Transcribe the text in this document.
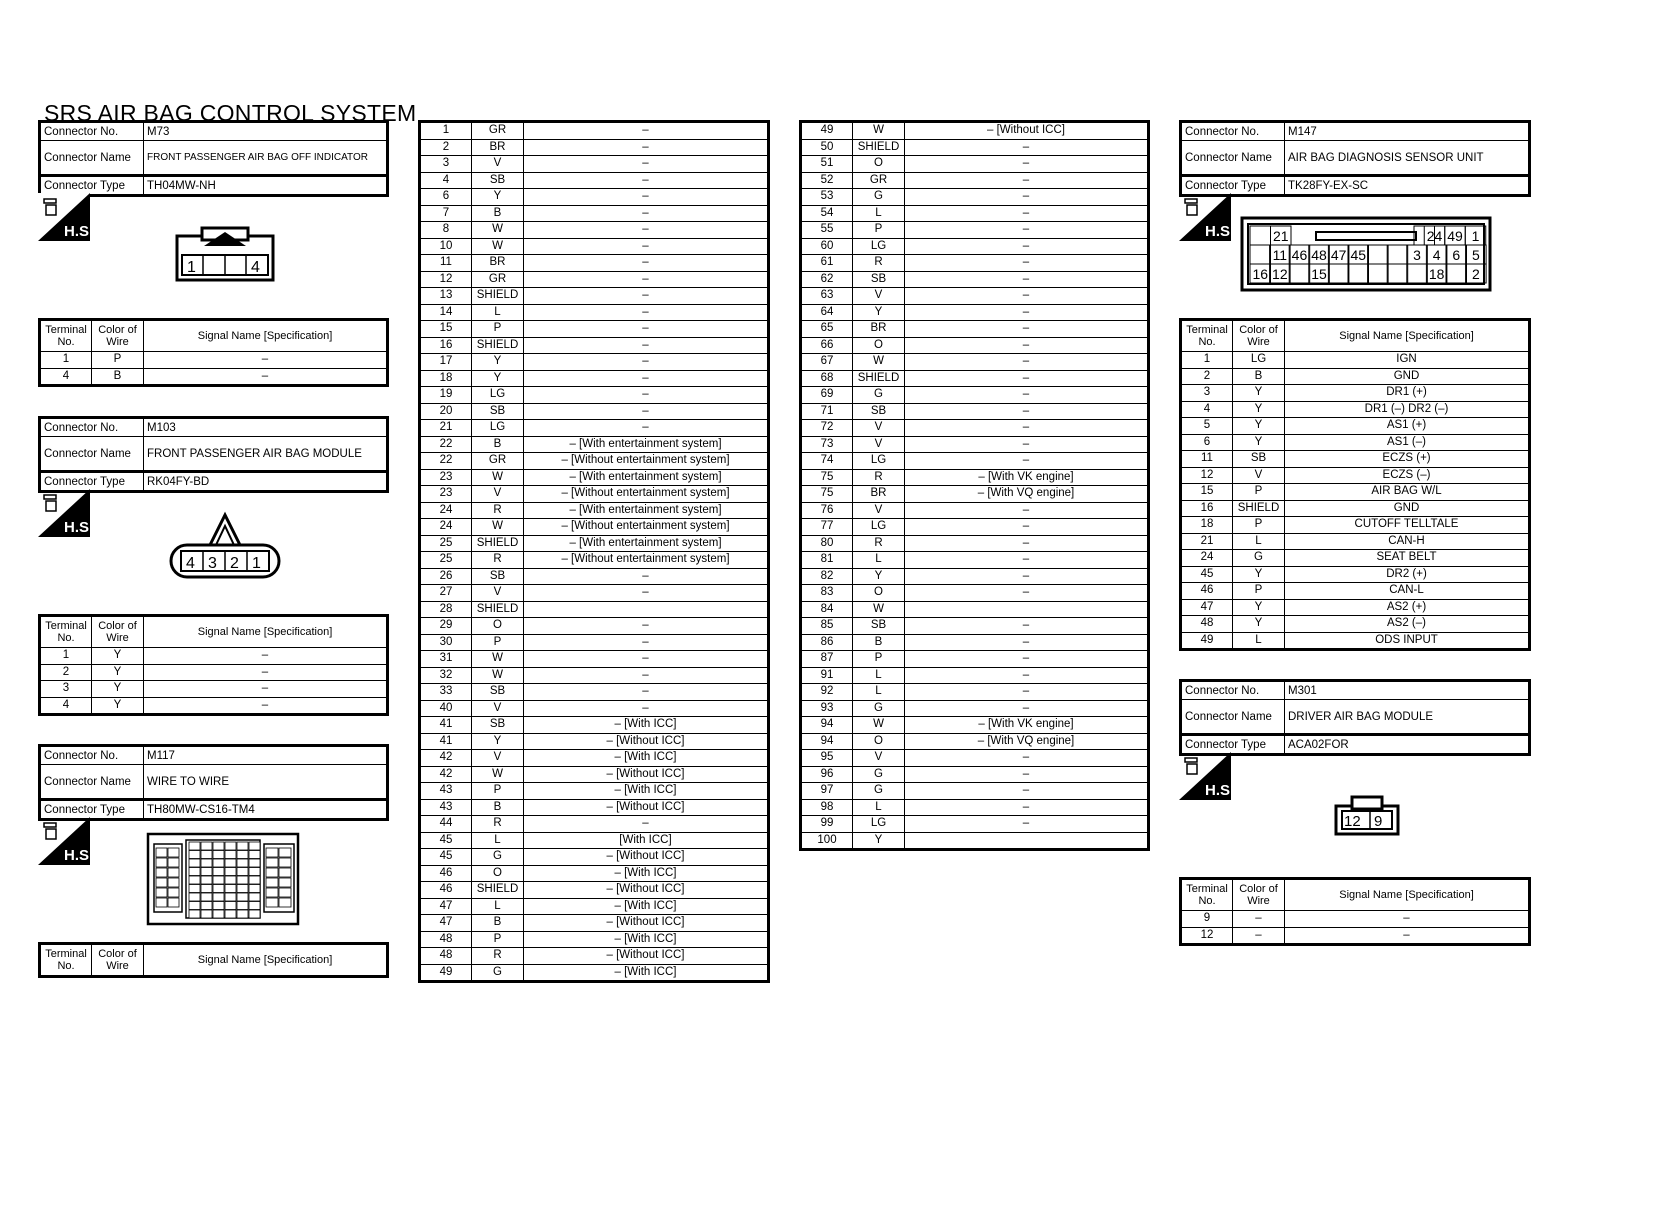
SRS AIR BAG CONTROL SYSTEM
Connector No.	M73
Connector Name	FRONT PASSENGER AIR BAG OFF INDICATOR
Connector Type	TH04MW-NH
H.S.
1	4
Terminal No.	Color of Wire	Signal Name [Specification]
1	P	–
4	B	–
Connector No.	M103
Connector Name	FRONT PASSENGER AIR BAG MODULE
Connector Type	RK04FY-BD
H.S.
4 3 2 1
Terminal No.	Color of Wire	Signal Name [Specification]
1	Y	–
2	Y	–
3	Y	–
4	Y	–
Connector No.	M117
Connector Name	WIRE TO WIRE
Connector Type	TH80MW-CS16-TM4
H.S.
Terminal No.	Color of Wire	Signal Name [Specification]
1	GR	–
2	BR	–
3	V	–
4	SB	–
6	Y	–
7	B	–
8	W	–
10	W	–
11	BR	–
12	GR	–
13	SHIELD	–
14	L	–
15	P	–
16	SHIELD	–
17	Y	–
18	Y	–
19	LG	–
20	SB	–
21	LG	–
22	B	– [With entertainment system]
22	GR	– [Without entertainment system]
23	W	– [With entertainment system]
23	V	– [Without entertainment system]
24	R	– [With entertainment system]
24	W	– [Without entertainment system]
25	SHIELD	– [With entertainment system]
25	R	– [Without entertainment system]
26	SB	–
27	V	–
28	SHIELD	
29	O	–
30	P	–
31	W	–
32	W	–
33	SB	–
40	V	–
41	SB	– [With ICC]
41	Y	– [Without ICC]
42	V	– [With ICC]
42	W	– [Without ICC]
43	P	– [With ICC]
43	B	– [Without ICC]
44	R	–
45	L	[With ICC]
45	G	– [Without ICC]
46	O	– [With ICC]
46	SHIELD	– [Without ICC]
47	L	– [With ICC]
47	B	– [Without ICC]
48	P	– [With ICC]
48	R	– [Without ICC]
49	G	– [With ICC]
49	W	– [Without ICC]
50	SHIELD	–
51	O	–
52	GR	–
53	G	–
54	L	–
55	P	–
60	LG	–
61	R	–
62	SB	–
63	V	–
64	Y	–
65	BR	–
66	O	–
67	W	–
68	SHIELD	–
69	G	–
71	SB	–
72	V	–
73	V	–
74	LG	–
75	R	– [With VK engine]
75	BR	– [With VQ engine]
76	V	–
77	LG	–
80	R	–
81	L	–
82	Y	–
83	O	–
84	W	
85	SB	–
86	B	–
87	P	–
91	L	–
92	L	–
93	G	–
94	W	– [With VK engine]
94	O	– [With VQ engine]
95	V	–
96	G	–
97	G	–
98	L	–
99	LG	–
100	Y	
Connector No.	M147
Connector Name	AIR BAG DIAGNOSIS SENSOR UNIT
Connector Type	TK28FY-EX-SC
H.S.	21	24 49 1
11 46 48 47 45	3 4 6 5
16 12 15	18 2
Terminal No.	Color of Wire	Signal Name [Specification]
1	LG	IGN
2	B	GND
3	Y	DR1 (+)
4	Y	DR1 (–) DR2 (–)
5	Y	AS1 (+)
6	Y	AS1 (–)
11	SB	ECZS (+)
12	V	ECZS (–)
15	P	AIR BAG W/L
16	SHIELD	GND
18	P	CUTOFF TELLTALE
21	L	CAN-H
24	G	SEAT BELT
45	Y	DR2 (+)
46	P	CAN-L
47	Y	AS2 (+)
48	Y	AS2 (–)
49	L	ODS INPUT
Connector No.	M301
Connector Name	DRIVER AIR BAG MODULE
Connector Type	ACA02FOR
H.S.
12 9
Terminal No.	Color of Wire	Signal Name [Specification]
9	–	–
12	–	–
